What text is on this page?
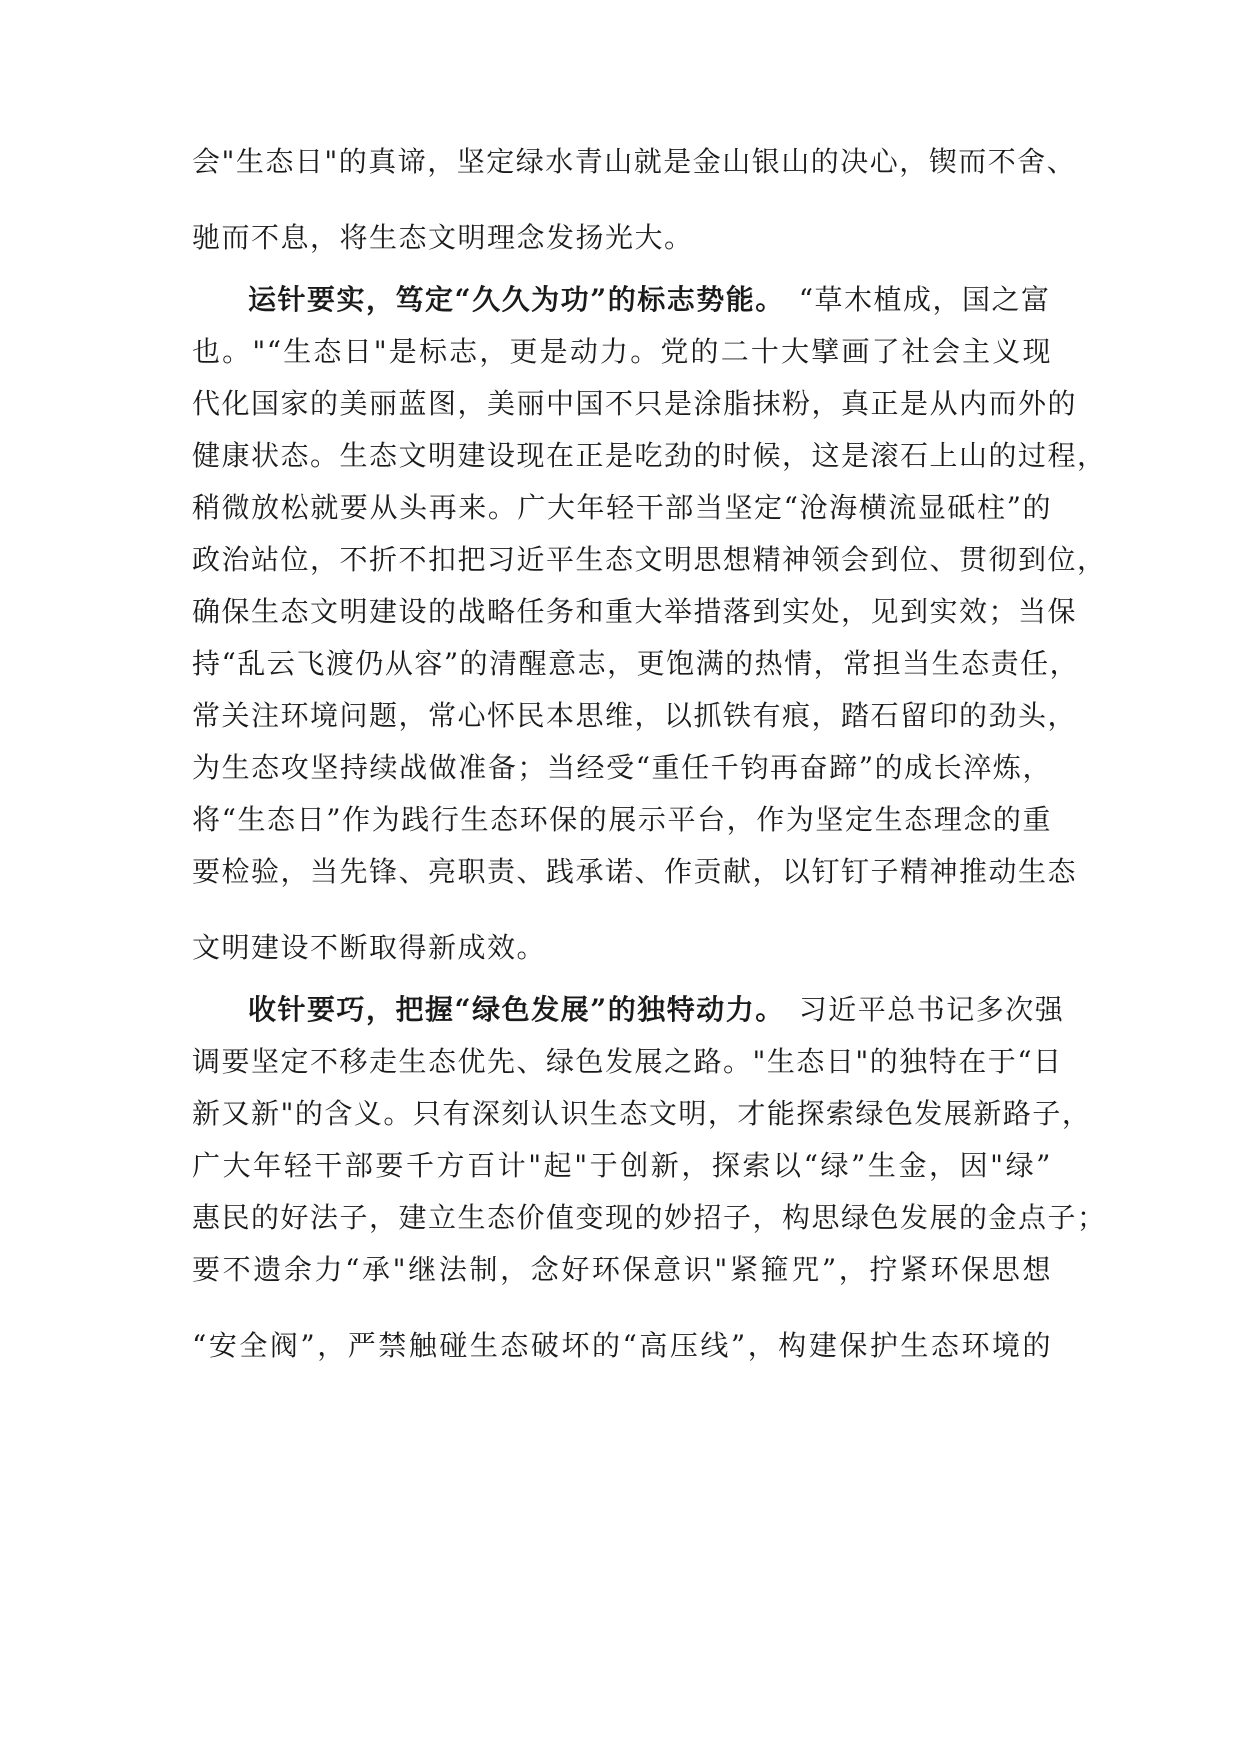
会"生态日"的真谛，坚定绿水青山就是金山银山的决心，锲而不舍、
驰而不息，将生态文明理念发扬光大。
运针要实，笃定“久久为功”的标志势能。 “草木植成，国之富
也。"“生态日"是标志，更是动力。党的二十大擘画了社会主义现
代化国家的美丽蓝图，美丽中国不只是涂脂抹粉，真正是从内而外的
健康状态。生态文明建设现在正是吃劲的时候，这是滚石上山的过程，
稍微放松就要从头再来。广大年轻干部当坚定“沧海横流显砥柱”的
政治站位，不折不扣把习近平生态文明思想精神领会到位、贯彻到位，
确保生态文明建设的战略任务和重大举措落到实处，见到实效；当保
持“乱云飞渡仍从容”的清醒意志，更饱满的热情，常担当生态责任，
常关注环境问题，常心怀民本思维，以抓铁有痕，踏石留印的劲头，
为生态攻坚持续战做准备；当经受“重任千钧再奋蹄”的成长淬炼，
将“生态日”作为践行生态环保的展示平台，作为坚定生态理念的重
要检验，当先锋、亮职责、践承诺、作贡献，以钉钉子精神推动生态
文明建设不断取得新成效。
收针要巧，把握“绿色发展”的独特动力。 习近平总书记多次强
调要坚定不移走生态优先、绿色发展之路。"生态日"的独特在于“日
新又新"的含义。只有深刻认识生态文明，才能探索绿色发展新路子，
广大年轻干部要千方百计"起"于创新，探索以“绿”生金，因"绿”
惠民的好法子，建立生态价值变现的妙招子，构思绿色发展的金点子；
要不遗余力“承"继法制，念好环保意识"紧箍咒”，拧紧环保思想
“安全阀”，严禁触碰生态破坏的“高压线”，构建保护生态环境的
